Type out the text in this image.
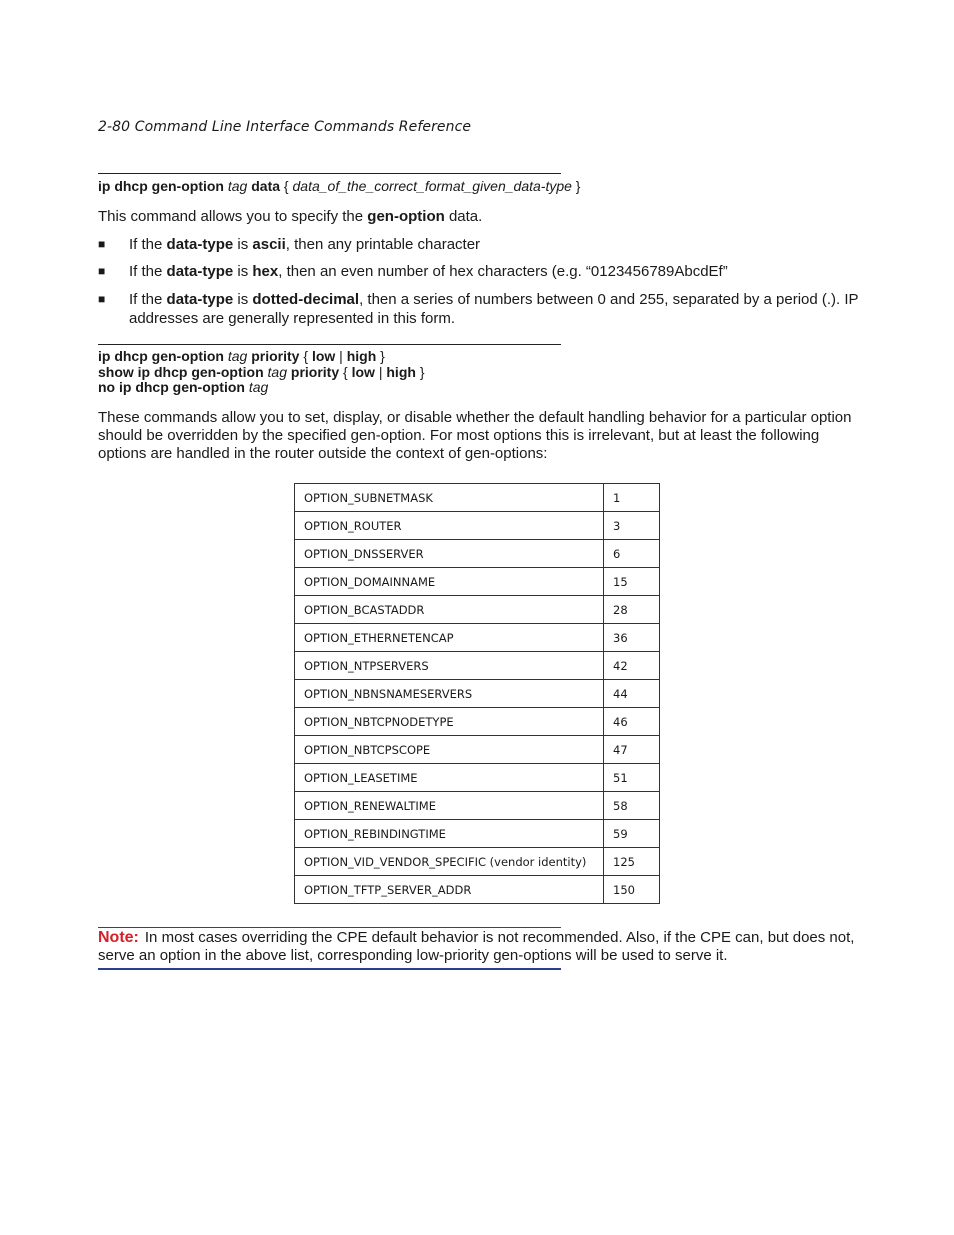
2-80 Command Line Interface Commands Reference
ip dhcp gen-option tag data { data_of_the_correct_format_given_data-type }
This command allows you to specify the gen-option data.
■ If the data-type is ascii, then any printable character
■ If the data-type is hex, then an even number of hex characters (e.g. “0123456789AbcdEf”
■ If the data-type is dotted-decimal, then a series of numbers between 0 and 255, separated by a period (.). IP addresses are generally represented in this form.
ip dhcp gen-option tag priority { low | high }
show ip dhcp gen-option tag priority { low | high }
no ip dhcp gen-option tag
These commands allow you to set, display, or disable whether the default handling behavior for a particular option should be overridden by the specified gen-option. For most options this is irrelevant, but at least the following options are handled in the router outside the context of gen-options:
OPTION_SUBNETMASK	1
OPTION_ROUTER	3
OPTION_DNSSERVER	6
OPTION_DOMAINNAME	15
OPTION_BCASTADDR	28
OPTION_ETHERNETENCAP	36
OPTION_NTPSERVERS	42
OPTION_NBNSNAMESERVERS	44
OPTION_NBTCPNODETYPE	46
OPTION_NBTCPSCOPE	47
OPTION_LEASETIME	51
OPTION_RENEWALTIME	58
OPTION_REBINDINGTIME	59
OPTION_VID_VENDOR_SPECIFIC (vendor identity)	125
OPTION_TFTP_SERVER_ADDR	150
Note: In most cases overriding the CPE default behavior is not recommended. Also, if the CPE can, but does not, serve an option in the above list, corresponding low-priority gen-options will be used to serve it.
